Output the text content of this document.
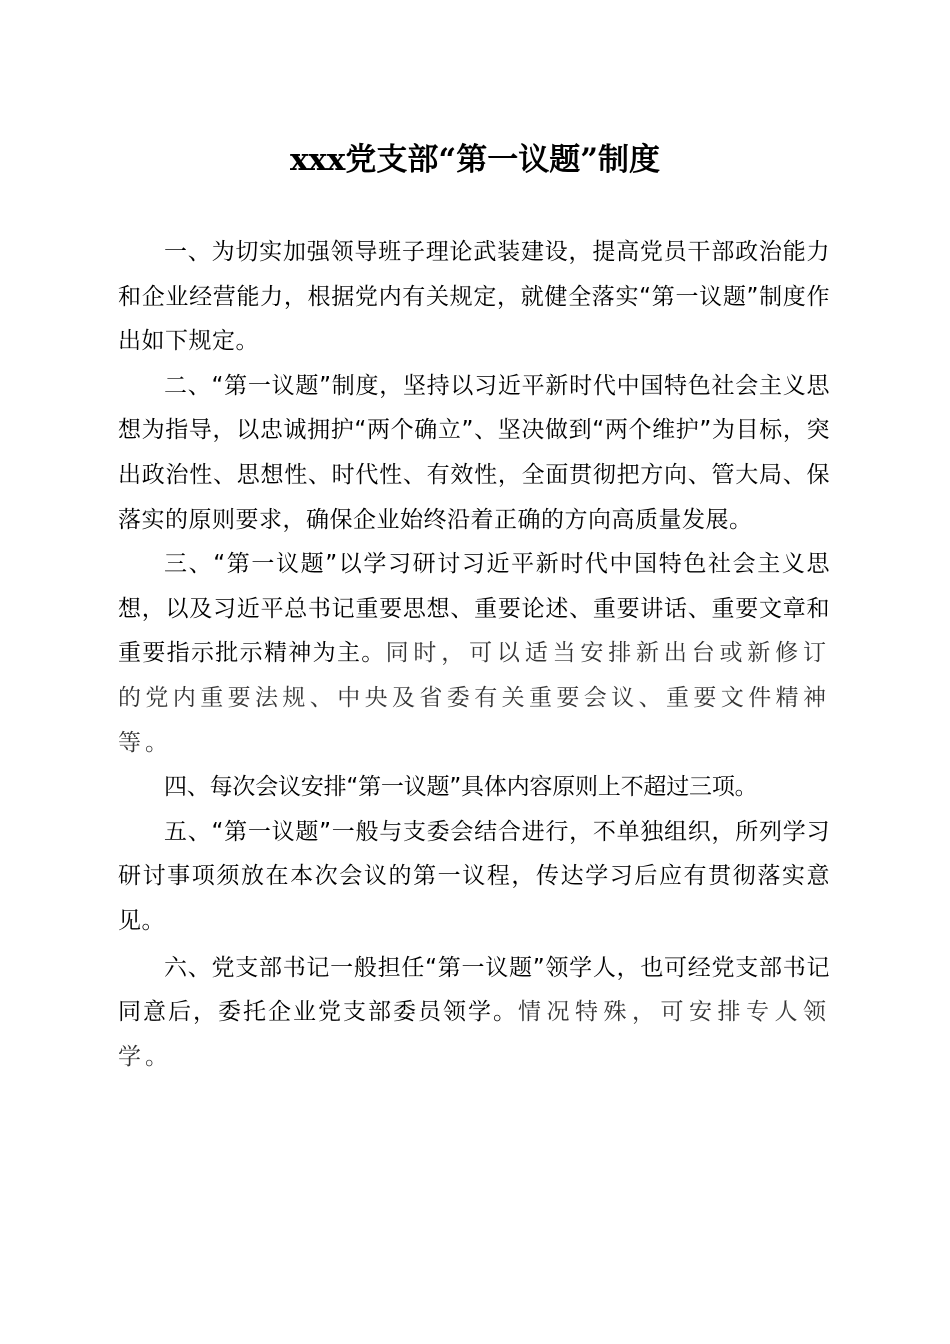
xxx党支部“第一议题”制度

一、为切实加强领导班子理论武装建设，提高党员干部政治能力和企业经营能力，根据党内有关规定，就健全落实“第一议题”制度作出如下规定。

二、“第一议题”制度，坚持以习近平新时代中国特色社会主义思想为指导，以忠诚拥护“两个确立”、坚决做到“两个维护”为目标，突出政治性、思想性、时代性、有效性，全面贯彻把方向、管大局、保落实的原则要求，确保企业始终沿着正确的方向高质量发展。

三、“第一议题”以学习研讨习近平新时代中国特色社会主义思想，以及习近平总书记重要思想、重要论述、重要讲话、重要文章和重要指示批示精神为主。同时，可以适当安排新出台或新修订的党内重要法规、中央及省委有关重要会议、重要文件精神等。

四、每次会议安排“第一议题”具体内容原则上不超过三项。

五、“第一议题”一般与支委会结合进行，不单独组织，所列学习研讨事项须放在本次会议的第一议程，传达学习后应有贯彻落实意见。

六、党支部书记一般担任“第一议题”领学人，也可经党支部书记同意后，委托企业党支部委员领学。情况特殊，可安排专人领学。
